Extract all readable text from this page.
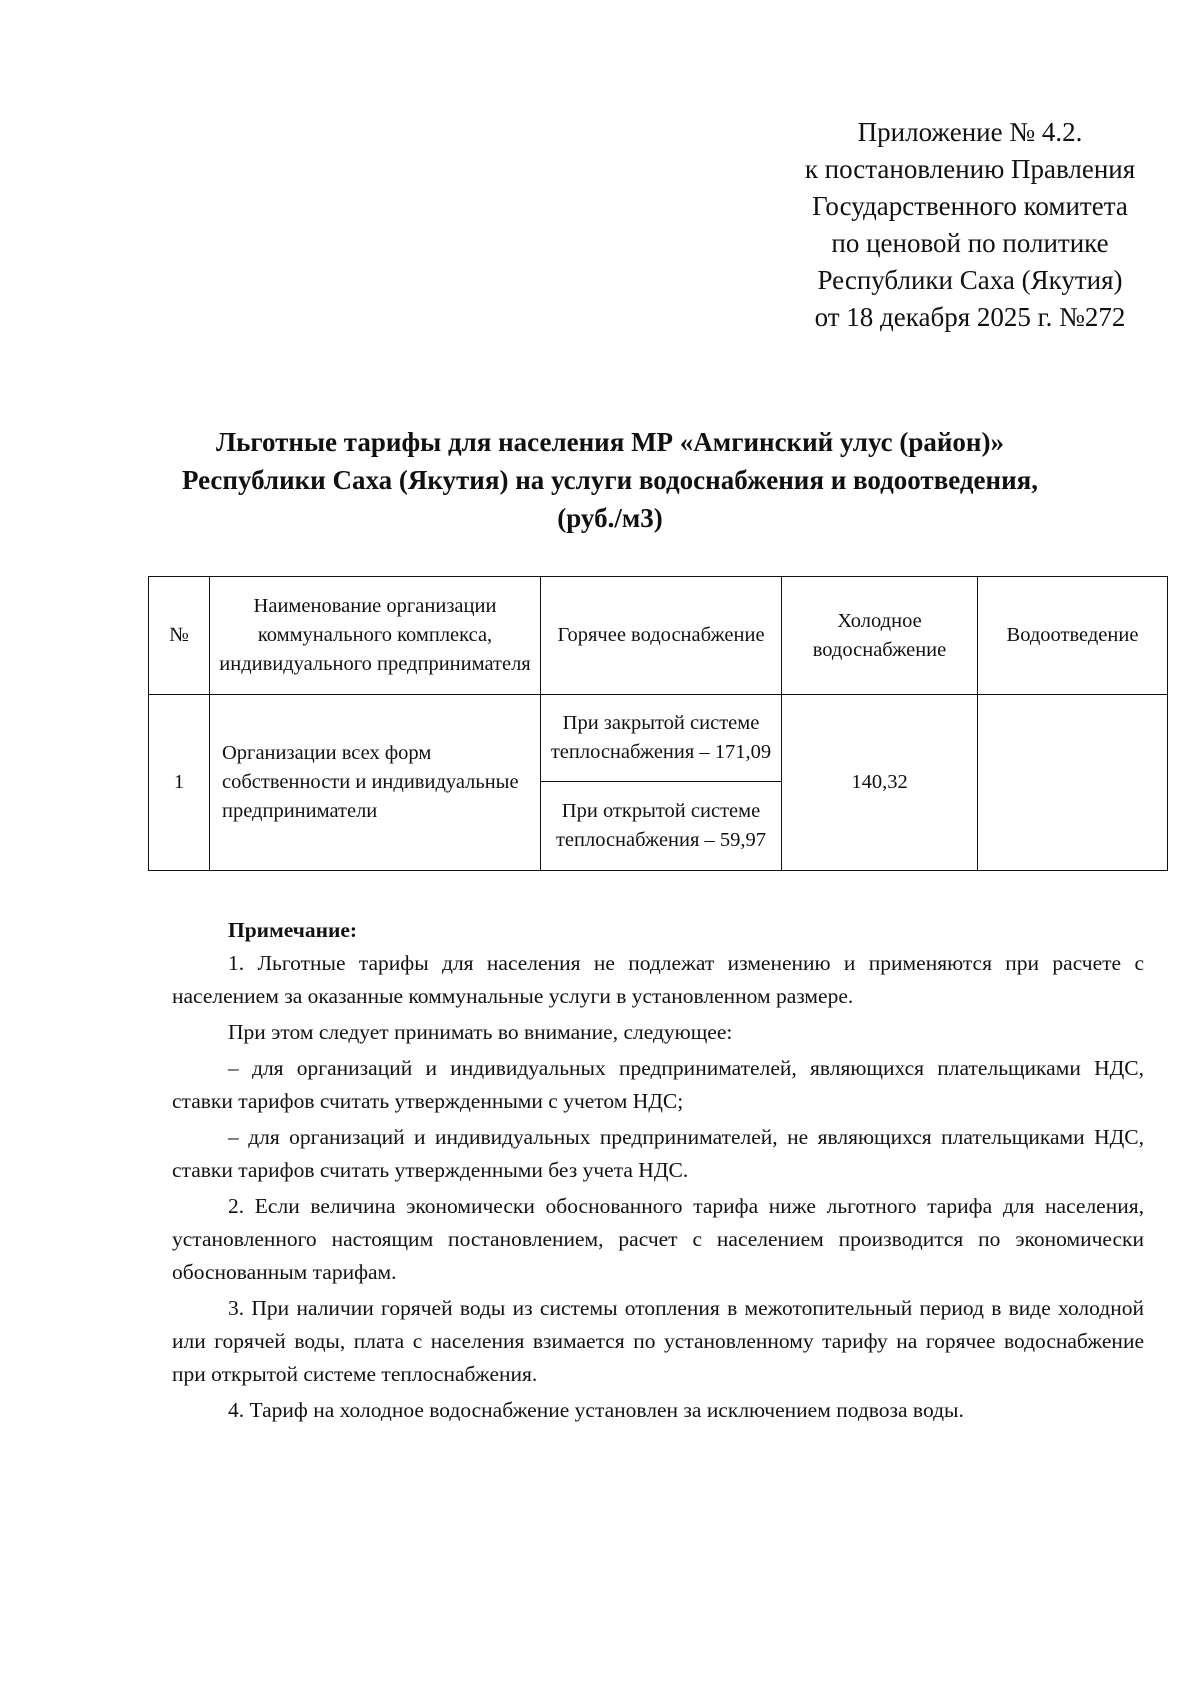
Приложение № 4.2.
к постановлению Правления
Государственного комитета
по ценовой по политике
Республики Саха (Якутия)
от 18 декабря 2025 г. №272
Льготные тарифы для населения МР «Амгинский улус (район)»
Республики Саха (Якутия) на услуги водоснабжения и водоотведения,
(руб./м3)
№	Наименование организации коммунального комплекса, индивидуального предпринимателя	Горячее водоснабжение	Холодное водоснабжение	Водоотведение
1	Организации всех форм собственности и индивидуальные предприниматели	При закрытой системе теплоснабжения – 171,09	140,32	
		При открытой системе теплоснабжения – 59,97		

Примечание:

1. Льготные тарифы для населения не подлежат изменению и применяются при расчете с населением за оказанные коммунальные услуги в установленном размере.

При этом следует принимать во внимание, следующее:

– для организаций и индивидуальных предпринимателей, являющихся плательщиками НДС, ставки тарифов считать утвержденными с учетом НДС;

– для организаций и индивидуальных предпринимателей, не являющихся плательщиками НДС, ставки тарифов считать утвержденными без учета НДС.

2. Если величина экономически обоснованного тарифа ниже льготного тарифа для населения, установленного настоящим постановлением, расчет с населением производится по экономически обоснованным тарифам.

3. При наличии горячей воды из системы отопления в межотопительный период в виде холодной или горячей воды, плата с населения взимается по установленному тарифу на горячее водоснабжение при открытой системе теплоснабжения.

4. Тариф на холодное водоснабжение установлен за исключением подвоза воды.
